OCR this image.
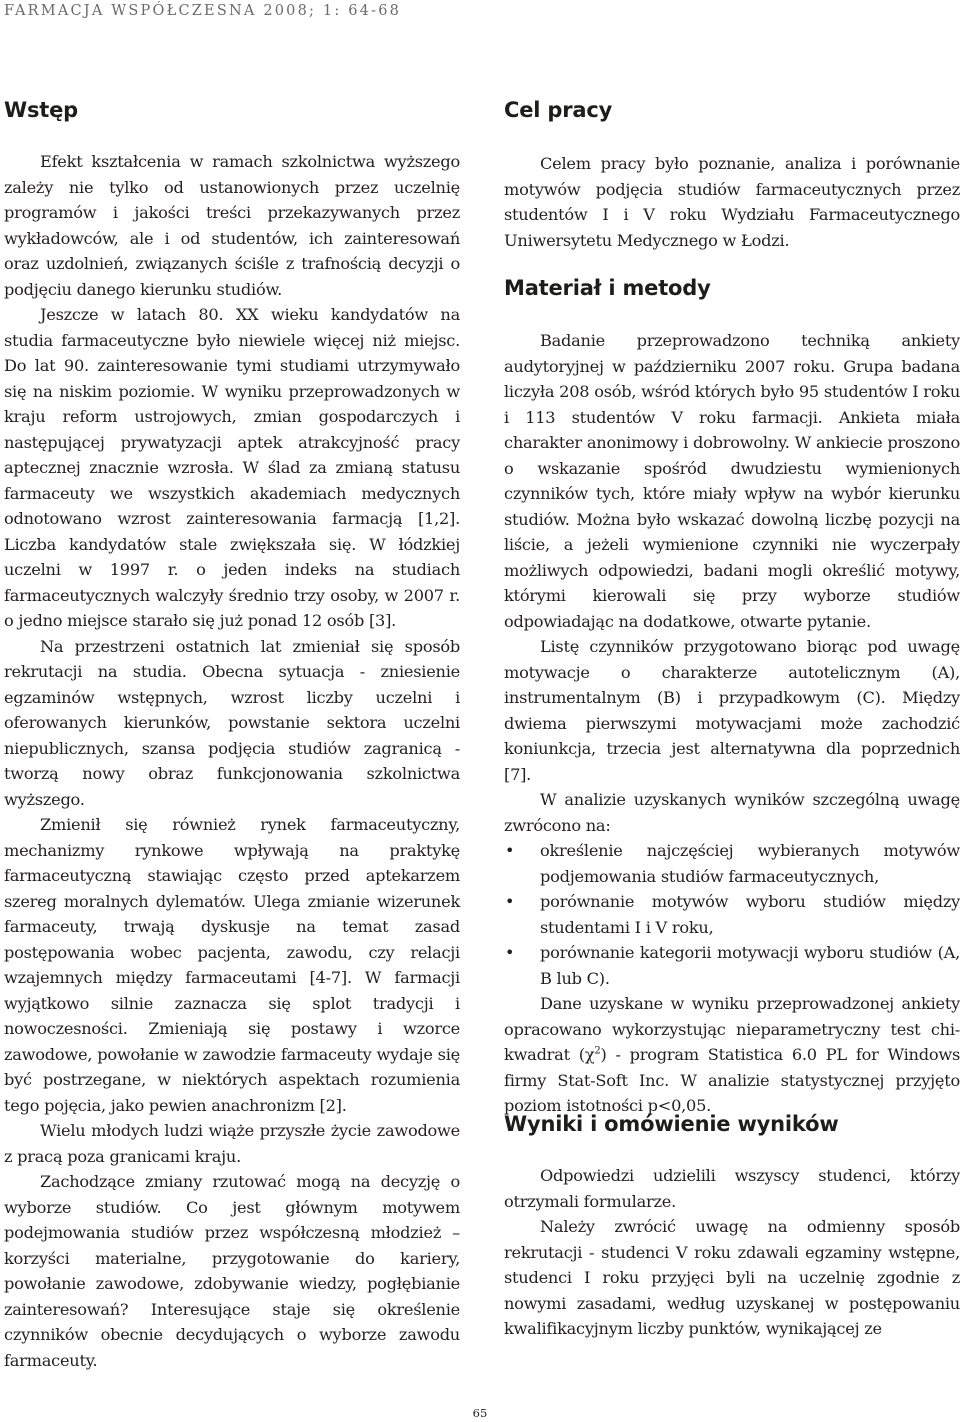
FARMACJA WSPÓŁCZESNA 2008; 1: 64-68
Wstęp

Efekt kształcenia w ramach szkolnictwa wyższego zależy nie tylko od ustanowionych przez uczelnię programów i jakości treści przekazywanych przez wykładowców, ale i od studentów, ich zainteresowań oraz uzdolnień, związanych ściśle z trafnością decyzji o podjęciu danego kierunku studiów.

Jeszcze w latach 80. XX wieku kandydatów na studia farmaceutyczne było niewiele więcej niż miejsc. Do lat 90. zainteresowanie tymi studiami utrzymywało się na niskim poziomie. W wyniku przeprowadzonych w kraju reform ustrojowych, zmian gospodarczych i następującej prywatyzacji aptek atrakcyjność pracy aptecznej znacznie wzrosła. W ślad za zmianą statusu farmaceuty we wszystkich akademiach medycznych odnotowano wzrost zainteresowania farmacją [1,2]. Liczba kandydatów stale zwiększała się. W łódzkiej uczelni w 1997 r. o jeden indeks na studiach farmaceutycznych walczyły średnio trzy osoby, w 2007 r. o jedno miejsce starało się już ponad 12 osób [3].

Na przestrzeni ostatnich lat zmieniał się sposób rekrutacji na studia. Obecna sytuacja - zniesienie egzaminów wstępnych, wzrost liczby uczelni i oferowanych kierunków, powstanie sektora uczelni niepublicznych, szansa podjęcia studiów zagranicą - tworzą nowy obraz funkcjonowania szkolnictwa wyższego.

Zmienił się również rynek farmaceutyczny, mechanizmy rynkowe wpływają na praktykę farmaceutyczną stawiając często przed aptekarzem szereg moralnych dylematów. Ulega zmianie wizerunek farmaceuty, trwają dyskusje na temat zasad postępowania wobec pacjenta, zawodu, czy relacji wzajemnych między farmaceutami [4-7]. W farmacji wyjątkowo silnie zaznacza się splot tradycji i nowoczesności. Zmieniają się postawy i wzorce zawodowe, powołanie w zawodzie farmaceuty wydaje się być postrzegane, w niektórych aspektach rozumienia tego pojęcia, jako pewien anachronizm [2].

Wielu młodych ludzi wiąże przyszłe życie zawodowe z pracą poza granicami kraju.

Zachodzące zmiany rzutować mogą na decyzję o wyborze studiów. Co jest głównym motywem podejmowania studiów przez współczesną młodzież – korzyści materialne, przygotowanie do kariery, powołanie zawodowe, zdobywanie wiedzy, pogłębianie zainteresowań? Interesujące staje się określenie czynników obecnie decydujących o wyborze zawodu farmaceuty.

Cel pracy

Celem pracy było poznanie, analiza i porównanie motywów podjęcia studiów farmaceutycznych przez studentów I i V roku Wydziału Farmaceutycznego Uniwersytetu Medycznego w Łodzi.

Materiał i metody

Badanie przeprowadzono techniką ankiety audytoryjnej w październiku 2007 roku. Grupa badana liczyła 208 osób, wśród których było 95 studentów I roku i 113 studentów V roku farmacji. Ankieta miała charakter anonimowy i dobrowolny. W ankiecie proszono o wskazanie spośród dwudziestu wymienionych czynników tych, które miały wpływ na wybór kierunku studiów. Można było wskazać dowolną liczbę pozycji na liście, a jeżeli wymienione czynniki nie wyczerpały możliwych odpowiedzi, badani mogli określić motywy, którymi kierowali się przy wyborze studiów odpowiadając na dodatkowe, otwarte pytanie.

Listę czynników przygotowano biorąc pod uwagę motywacje o charakterze autotelicznym (A), instrumentalnym (B) i przypadkowym (C). Między dwiema pierwszymi motywacjami może zachodzić koniunkcja, trzecia jest alternatywna dla poprzednich [7].

W analizie uzyskanych wyników szczególną uwagę zwrócono na:

• określenie najczęściej wybieranych motywów podjemowania studiów farmaceutycznych,
• porównanie motywów wyboru studiów między studentami I i V roku,
• porównanie kategorii motywacji wyboru studiów (A, B lub C).

Dane uzyskane w wyniku przeprowadzonej ankiety opracowano wykorzystując nieparametryczny test chi-kwadrat $(\chi^2)$ - program Statistica 6.0 PL for Windows firmy Stat-Soft Inc. W analizie statystycznej przyjęto poziom istotności p<0,05.

Wyniki i omówienie wyników

Odpowiedzi udzielili wszyscy studenci, którzy otrzymali formularze.

Należy zwrócić uwagę na odmienny sposób rekrutacji - studenci V roku zdawali egzaminy wstępne, studenci I roku przyjęci byli na uczelnię zgodnie z nowymi zasadami, według uzyskanej w postępowaniu kwalifikacyjnym liczby punktów, wynikającej ze

65
